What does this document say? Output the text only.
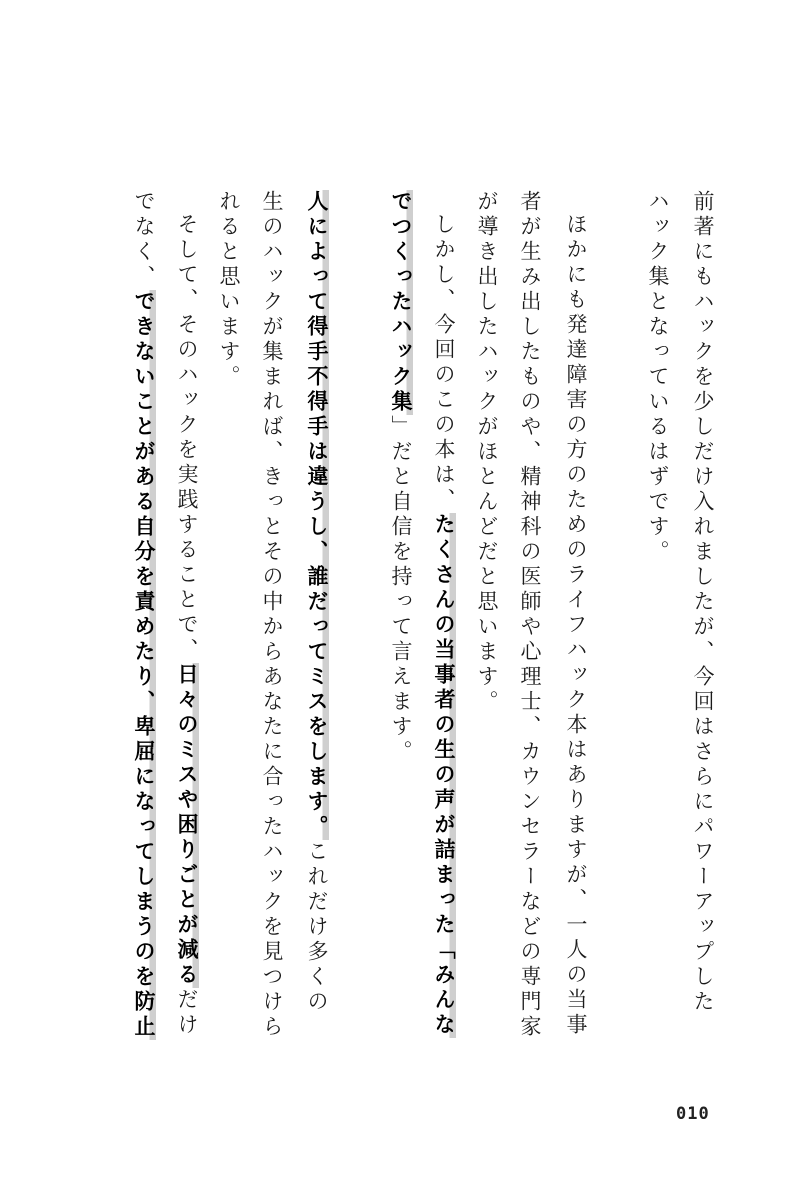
前著にもハックを少しだけ入れましたが、今回はさらにパワーアップした
ハック集となっているはずです。
ほかにも発達障害の方のためのライフハック本はありますが、一人の当事
者が生み出したものや、精神科の医師や心理士、カウンセラーなどの専門家
が導き出したハックがほとんどだと思います。
しかし、今回のこの本は、たくさんの当事者の生の声が詰まった「みんな
でつくったハック集」だと自信を持って言えます。
人によって得手不得手は違うし、誰だってミスをします。これだけ多くの
生のハックが集まれば、きっとその中からあなたに合ったハックを見つけら
れると思います。
そして、そのハックを実践することで、日々のミスや困りごとが減るだけ
でなく、できないことがある自分を責めたり、卑屈になってしまうのを防止
010
